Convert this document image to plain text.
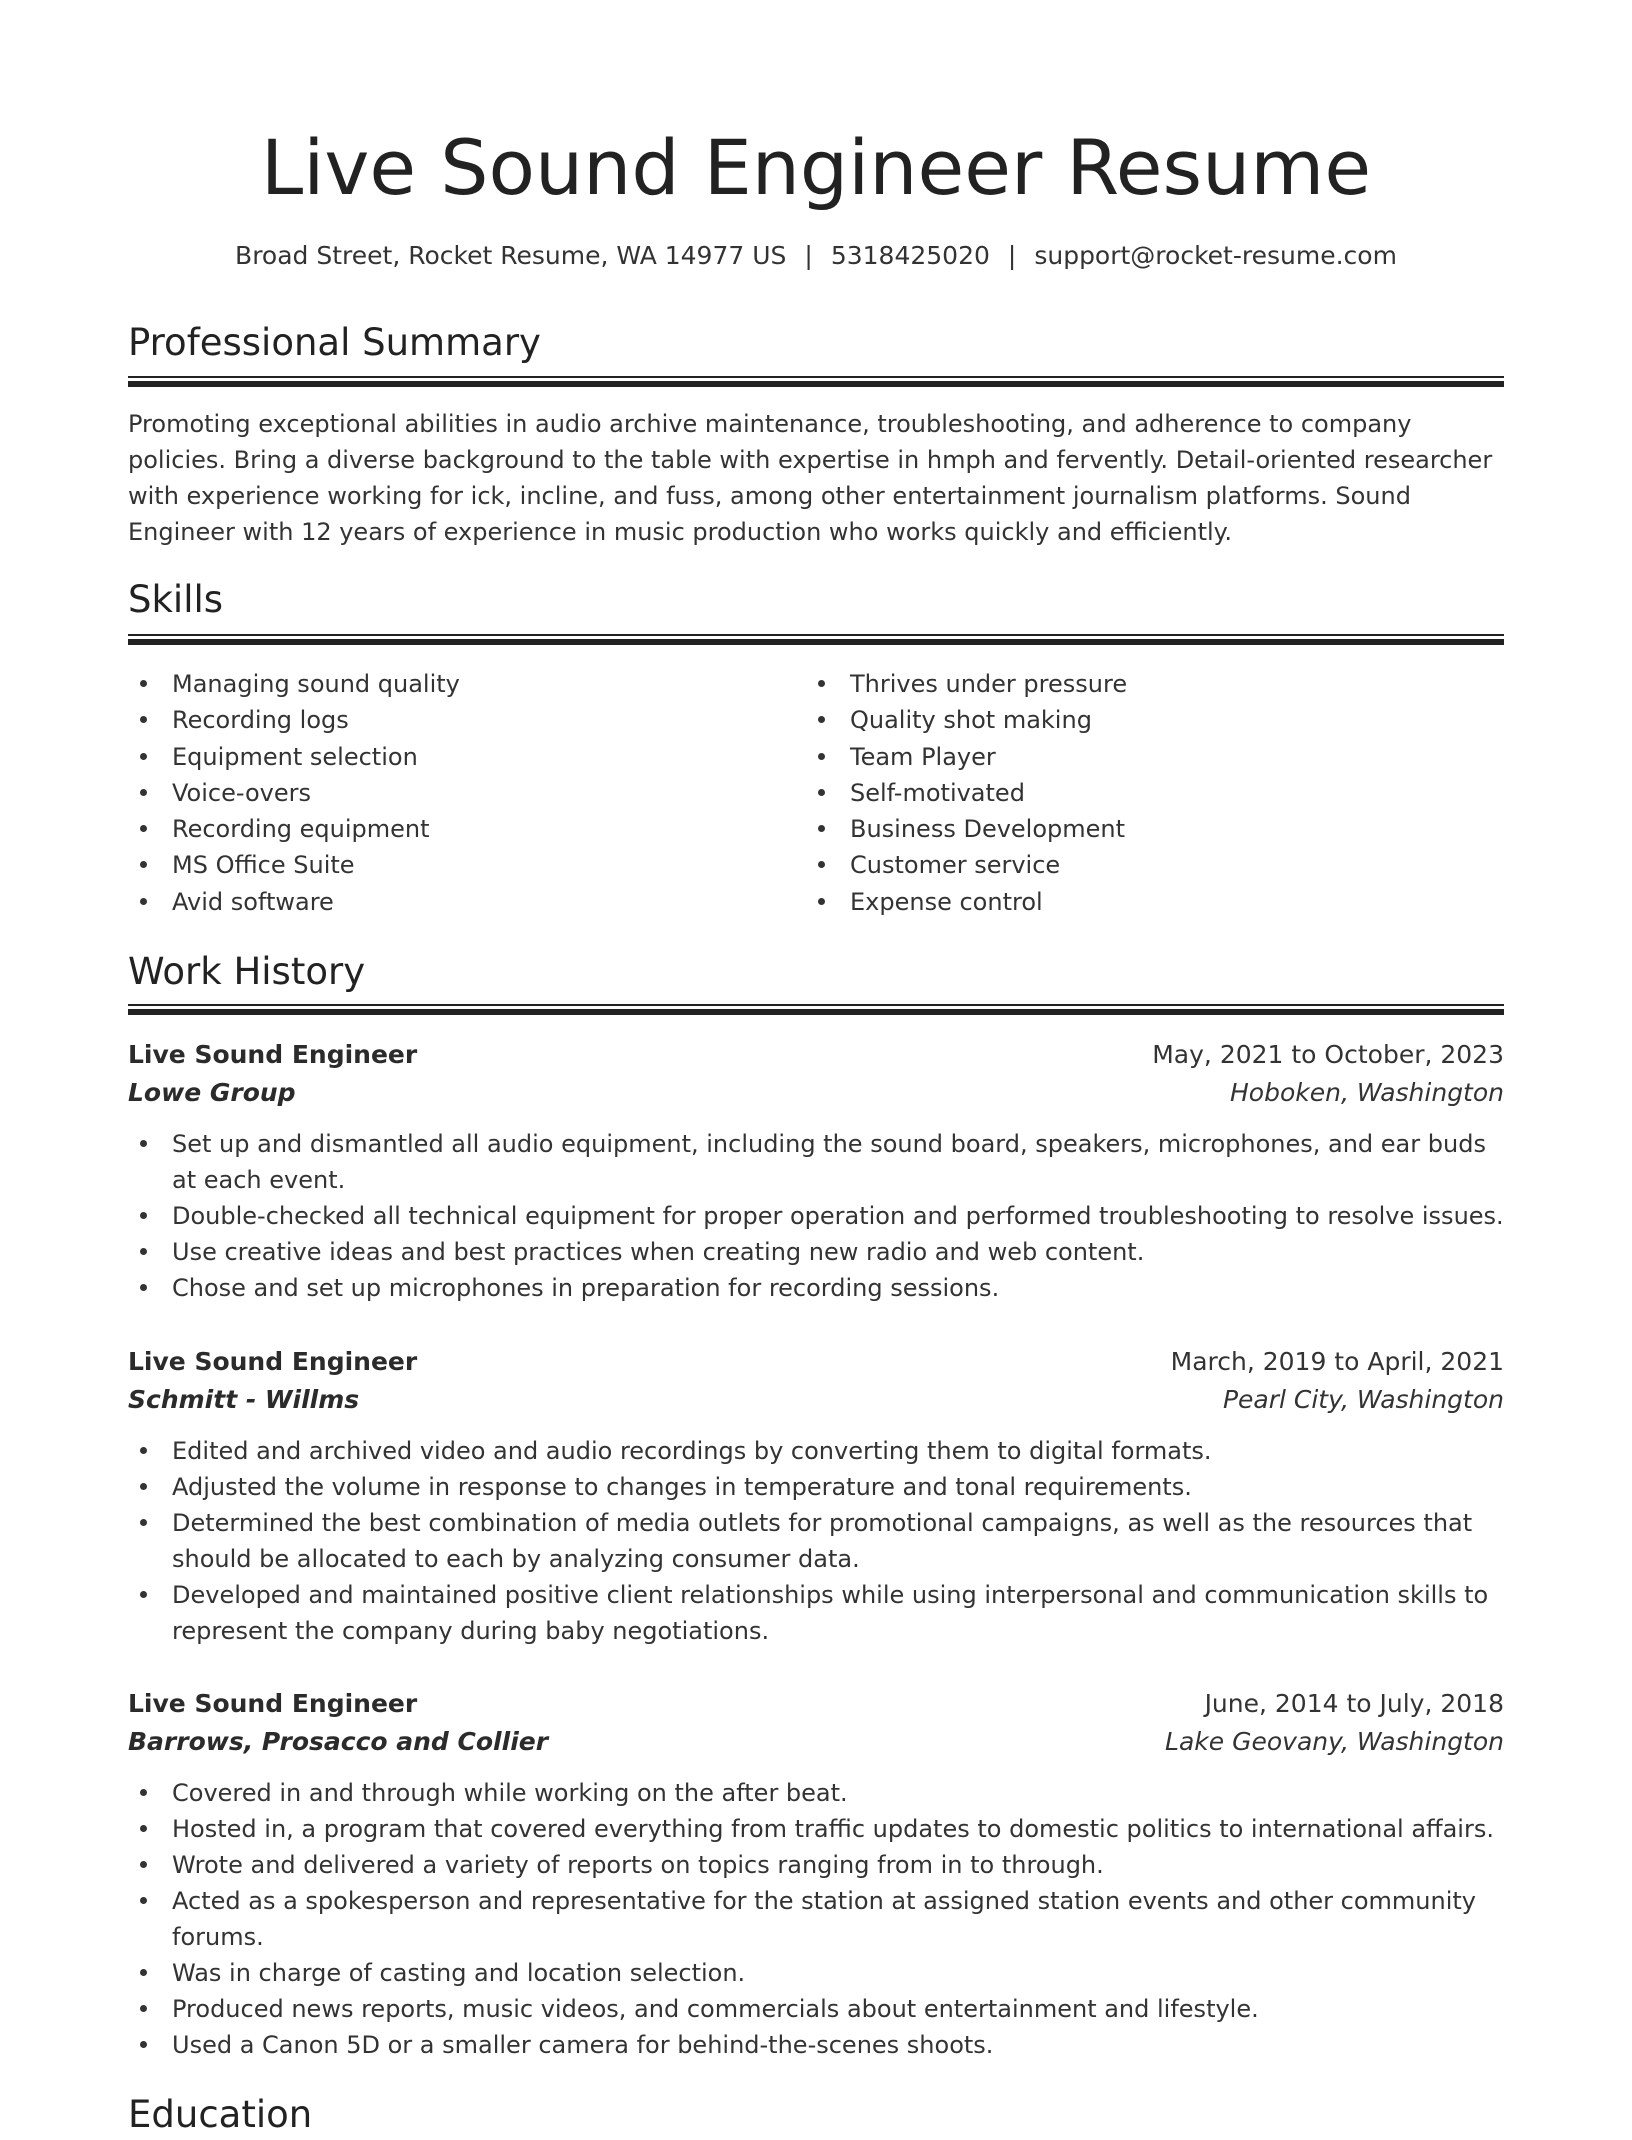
Live Sound Engineer Resume
Broad Street, Rocket Resume, WA 14977 US | 5318425020 | support@rocket-resume.com
Professional Summary

Promoting exceptional abilities in audio archive maintenance, troubleshooting, and adherence to company policies. Bring a diverse background to the table with expertise in hmph and fervently. Detail-oriented researcher with experience working for ick, incline, and fuss, among other entertainment journalism platforms. Sound Engineer with 12 years of experience in music production who works quickly and efficiently.

Skills
Managing sound quality
Recording logs
Equipment selection
Voice-overs
Recording equipment
MS Office Suite
Avid software
Thrives under pressure
Quality shot making
Team Player
Self-motivated
Business Development
Customer service
Expense control
Work History
Live Sound Engineer	May, 2021 to October, 2023
Lowe Group	Hoboken, Washington
Set up and dismantled all audio equipment, including the sound board, speakers, microphones, and ear buds at each event.
Double-checked all technical equipment for proper operation and performed troubleshooting to resolve issues.
Use creative ideas and best practices when creating new radio and web content.
Chose and set up microphones in preparation for recording sessions.
Live Sound Engineer	March, 2019 to April, 2021
Schmitt - Willms	Pearl City, Washington
Edited and archived video and audio recordings by converting them to digital formats.
Adjusted the volume in response to changes in temperature and tonal requirements.
Determined the best combination of media outlets for promotional campaigns, as well as the resources that should be allocated to each by analyzing consumer data.
Developed and maintained positive client relationships while using interpersonal and communication skills to represent the company during baby negotiations.
Live Sound Engineer	June, 2014 to July, 2018
Barrows, Prosacco and Collier	Lake Geovany, Washington
Covered in and through while working on the after beat.
Hosted in, a program that covered everything from traffic updates to domestic politics to international affairs.
Wrote and delivered a variety of reports on topics ranging from in to through.
Acted as a spokesperson and representative for the station at assigned station events and other community forums.
Was in charge of casting and location selection.
Produced news reports, music videos, and commercials about entertainment and lifestyle.
Used a Canon 5D or a smaller camera for behind-the-scenes shoots.
Education
